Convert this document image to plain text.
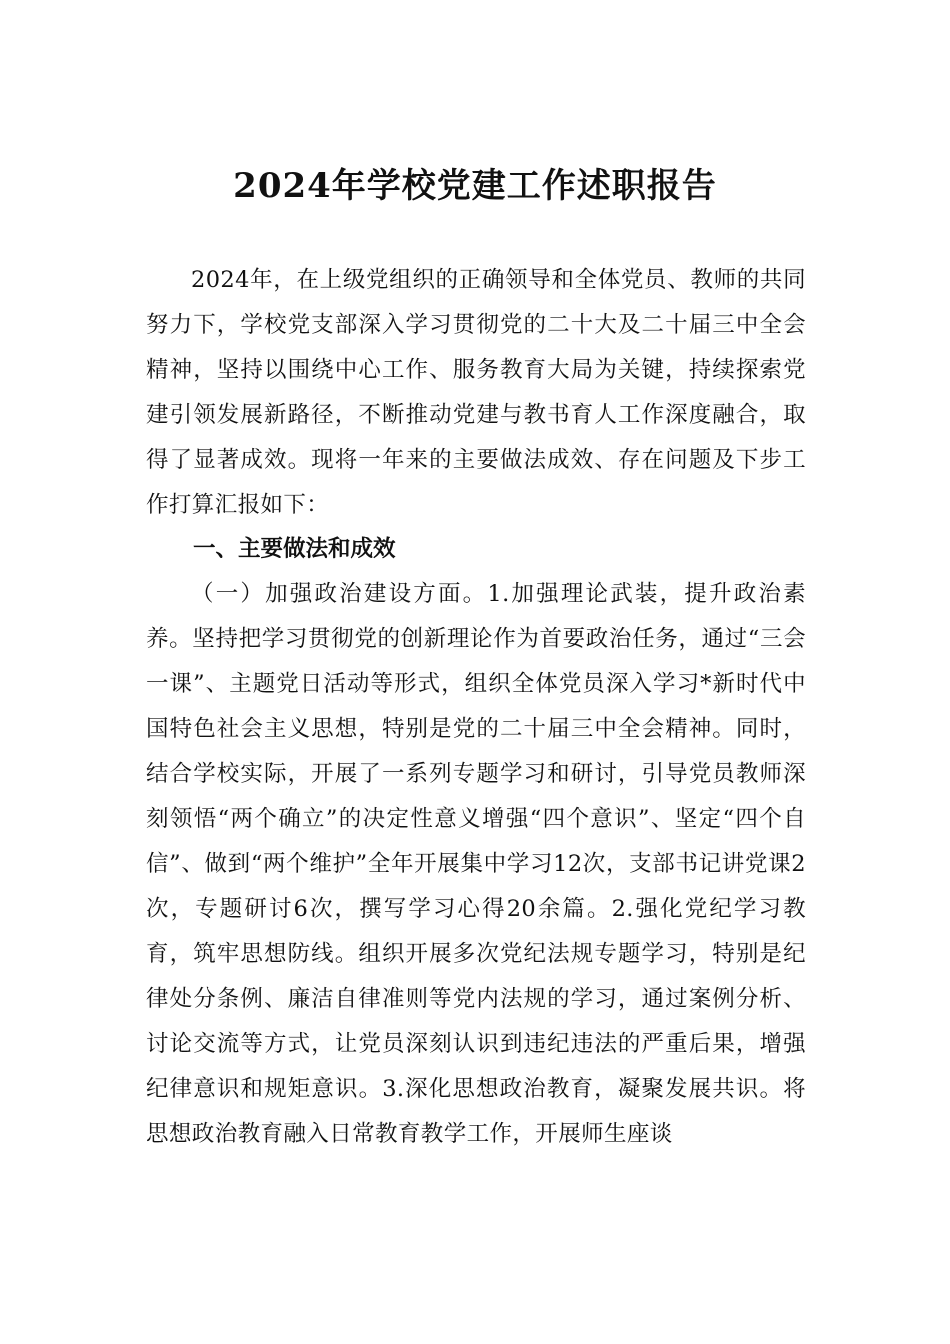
2024年学校党建工作述职报告

2024年，在上级党组织的正确领导和全体党员、教师的共同努力下，学校党支部深入学习贯彻党的二十大及二十届三中全会精神，坚持以围绕中心工作、服务教育大局为关键，持续探索党建引领发展新路径，不断推动党建与教书育人工作深度融合，取得了显著成效。现将一年来的主要做法成效、存在问题及下步工作打算汇报如下：

一、主要做法和成效

（一）加强政治建设方面。1.加强理论武装，提升政治素养。坚持把学习贯彻党的创新理论作为首要政治任务，通过“三会一课”、主题党日活动等形式，组织全体党员深入学习*新时代中国特色社会主义思想，特别是党的二十届三中全会精神。同时，结合学校实际，开展了一系列专题学习和研讨，引导党员教师深刻领悟“两个确立”的决定性意义增强“四个意识”、坚定“四个自信”、做到“两个维护”全年开展集中学习12次，支部书记讲党课2次，专题研讨6次，撰写学习心得20余篇。2.强化党纪学习教育，筑牢思想防线。组织开展多次党纪法规专题学习，特别是纪律处分条例、廉洁自律准则等党内法规的学习，通过案例分析、讨论交流等方式，让党员深刻认识到违纪违法的严重后果，增强纪律意识和规矩意识。3.深化思想政治教育，凝聚发展共识。将思想政治教育融入日常教育教学工作，开展师生座谈
